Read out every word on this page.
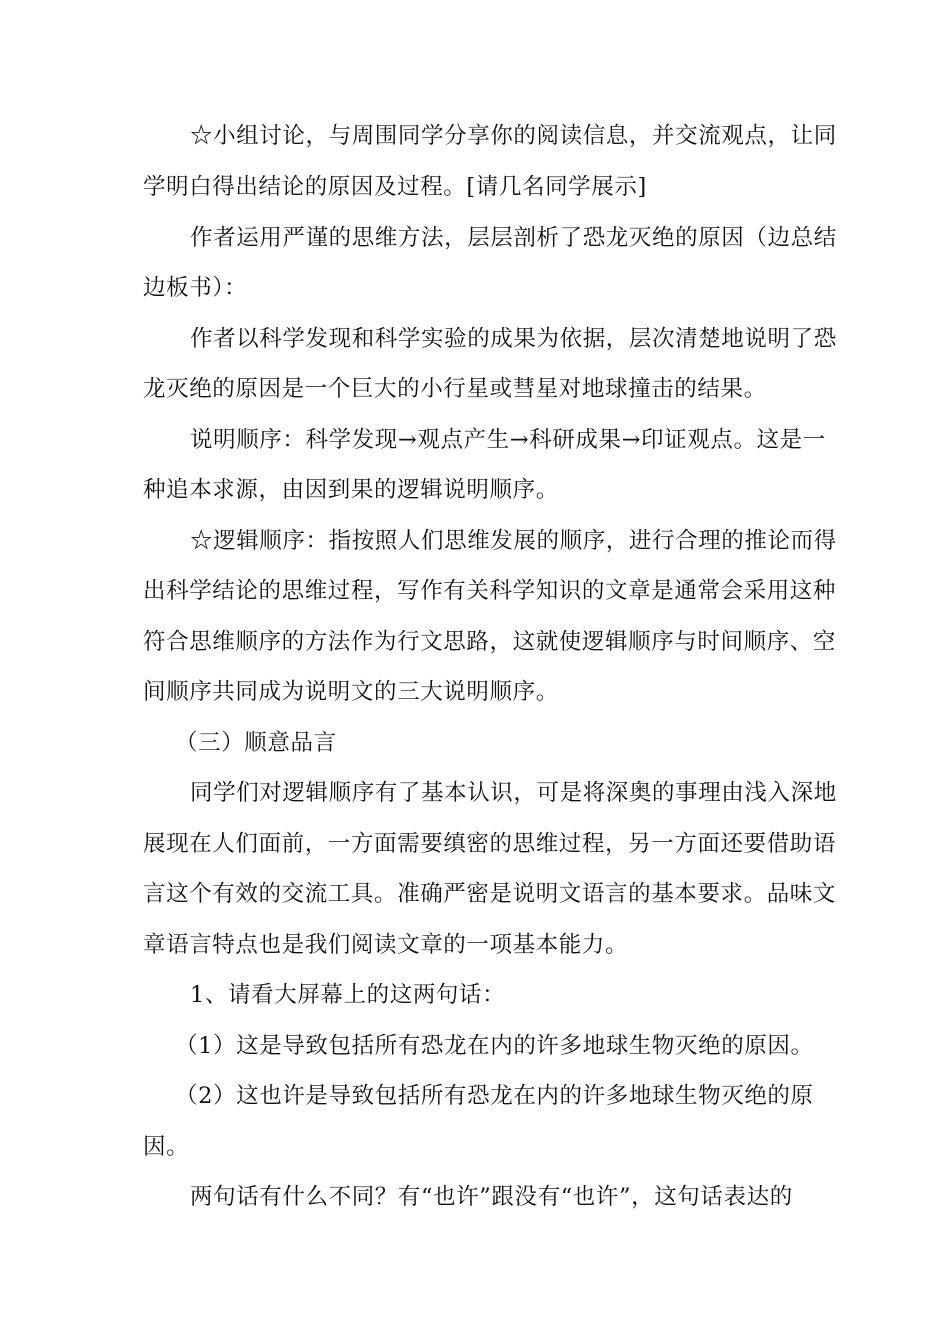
☆小组讨论，与周围同学分享你的阅读信息，并交流观点，让同
学明白得出结论的原因及过程。[请几名同学展示]
作者运用严谨的思维方法，层层剖析了恐龙灭绝的原因（边总结
边板书）：
作者以科学发现和科学实验的成果为依据，层次清楚地说明了恐
龙灭绝的原因是一个巨大的小行星或彗星对地球撞击的结果。
说明顺序：科学发现→观点产生→科研成果→印证观点。这是一
种追本求源，由因到果的逻辑说明顺序。
☆逻辑顺序：指按照人们思维发展的顺序，进行合理的推论而得
出科学结论的思维过程，写作有关科学知识的文章是通常会采用这种
符合思维顺序的方法作为行文思路，这就使逻辑顺序与时间顺序、空
间顺序共同成为说明文的三大说明顺序。
（三）顺意品言
同学们对逻辑顺序有了基本认识，可是将深奥的事理由浅入深地
展现在人们面前，一方面需要缜密的思维过程，另一方面还要借助语
言这个有效的交流工具。准确严密是说明文语言的基本要求。品味文
章语言特点也是我们阅读文章的一项基本能力。
1、请看大屏幕上的这两句话：
（1）这是导致包括所有恐龙在内的许多地球生物灭绝的原因。
（2）这也许是导致包括所有恐龙在内的许多地球生物灭绝的原
因。
两句话有什么不同？有“也许”跟没有“也许”，这句话表达的
